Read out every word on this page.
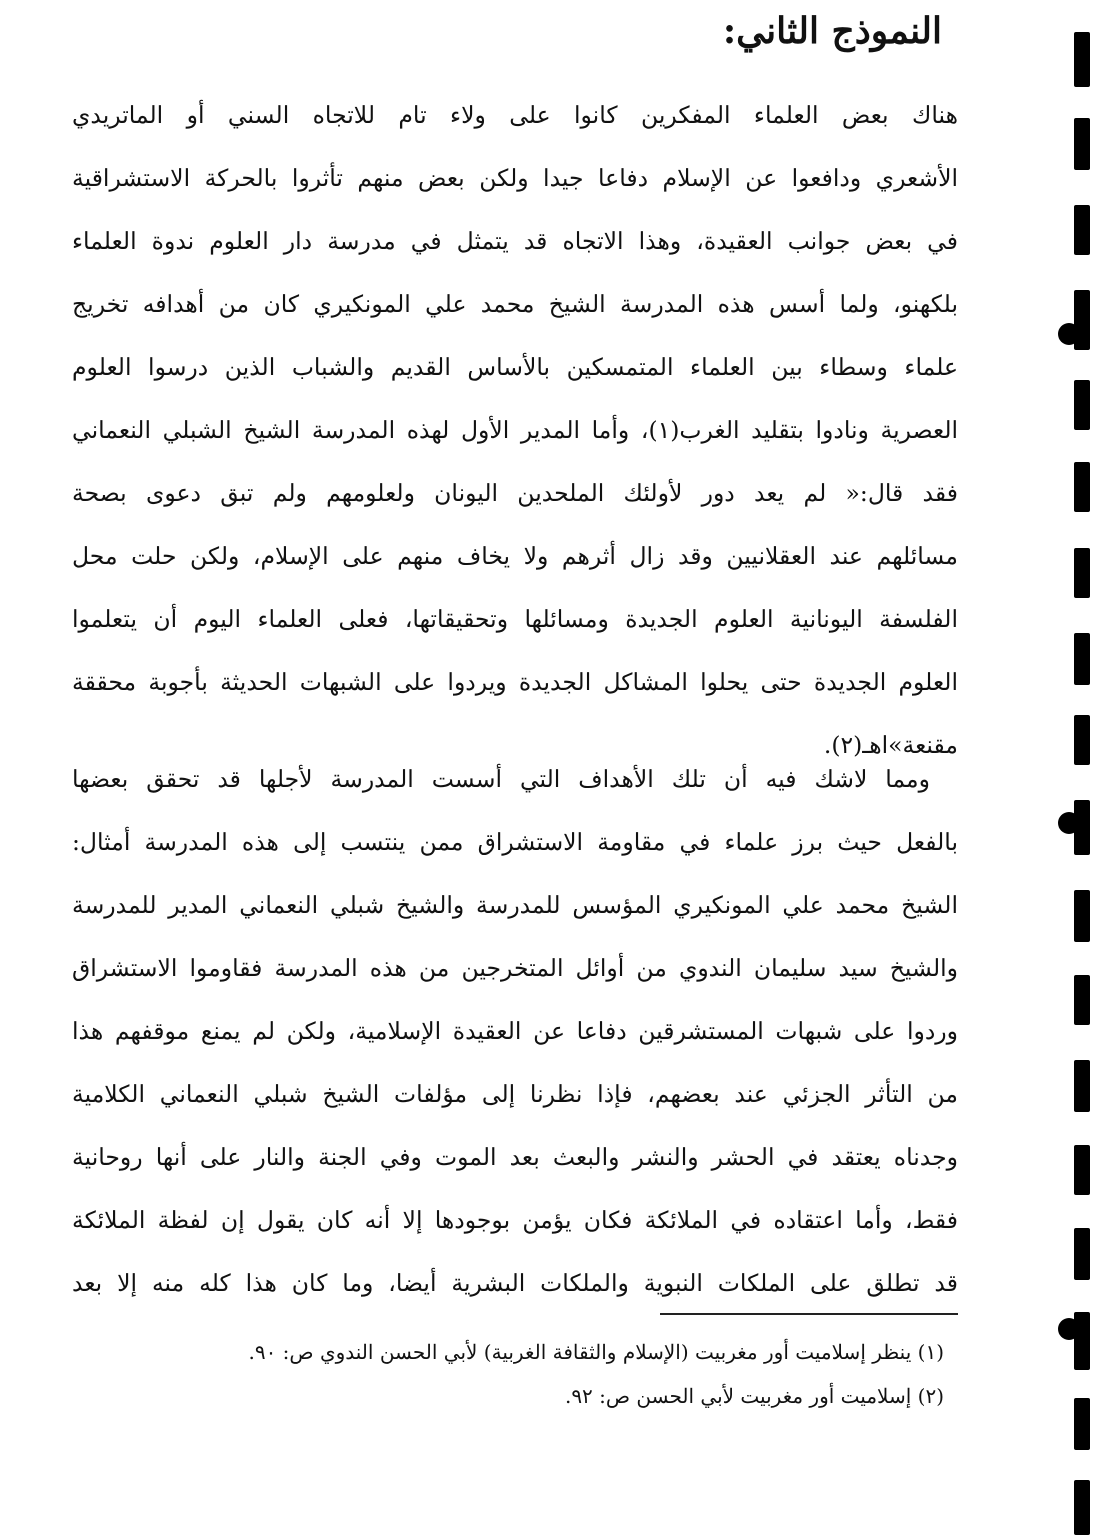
النموذج الثاني:
هناك بعض العلماء المفكرين كانوا على ولاء تام للاتجاه السني أو الماتريدي
الأشعري ودافعوا عن الإسلام دفاعا جيدا ولكن بعض منهم تأثروا بالحركة الاستشراقية
في بعض جوانب العقيدة، وهذا الاتجاه قد يتمثل في مدرسة دار العلوم ندوة العلماء
بلكهنو، ولما أسس هذه المدرسة الشيخ محمد علي المونكيري كان من أهدافه تخريج
علماء وسطاء بين العلماء المتمسكين بالأساس القديم والشباب الذين درسوا العلوم
العصرية ونادوا بتقليد الغرب(١)، وأما المدير الأول لهذه المدرسة الشيخ الشبلي النعماني
فقد قال:« لم يعد دور لأولئك الملحدين اليونان ولعلومهم ولم تبق دعوى بصحة
مسائلهم عند العقلانيين وقد زال أثرهم ولا يخاف منهم على الإسلام، ولكن حلت محل
الفلسفة اليونانية العلوم الجديدة ومسائلها وتحقيقاتها، فعلى العلماء اليوم أن يتعلموا
العلوم الجديدة حتى يحلوا المشاكل الجديدة ويردوا على الشبهات الحديثة بأجوبة محققة
مقنعة»اهـ(٢).
ومما لاشك فيه أن تلك الأهداف التي أسست المدرسة لأجلها قد تحقق بعضها
بالفعل حيث برز علماء في مقاومة الاستشراق ممن ينتسب إلى هذه المدرسة أمثال:
الشيخ محمد علي المونكيري المؤسس للمدرسة والشيخ شبلي النعماني المدير للمدرسة
والشيخ سيد سليمان الندوي من أوائل المتخرجين من هذه المدرسة فقاوموا الاستشراق
وردوا على شبهات المستشرقين دفاعا عن العقيدة الإسلامية، ولكن لم يمنع موقفهم هذا
من التأثر الجزئي عند بعضهم، فإذا نظرنا إلى مؤلفات الشيخ شبلي النعماني الكلامية
وجدناه يعتقد في الحشر والنشر والبعث بعد الموت وفي الجنة والنار على أنها روحانية
فقط، وأما اعتقاده في الملائكة فكان يؤمن بوجودها إلا أنه كان يقول إن لفظة الملائكة
قد تطلق على الملكات النبوية والملكات البشرية أيضا، وما كان هذا كله منه إلا بعد
(١) ينظر إسلاميت أور مغربيت (الإسلام والثقافة الغربية) لأبي الحسن الندوي ص: ٩٠.
(٢) إسلاميت أور مغربيت لأبي الحسن ص: ٩٢.
